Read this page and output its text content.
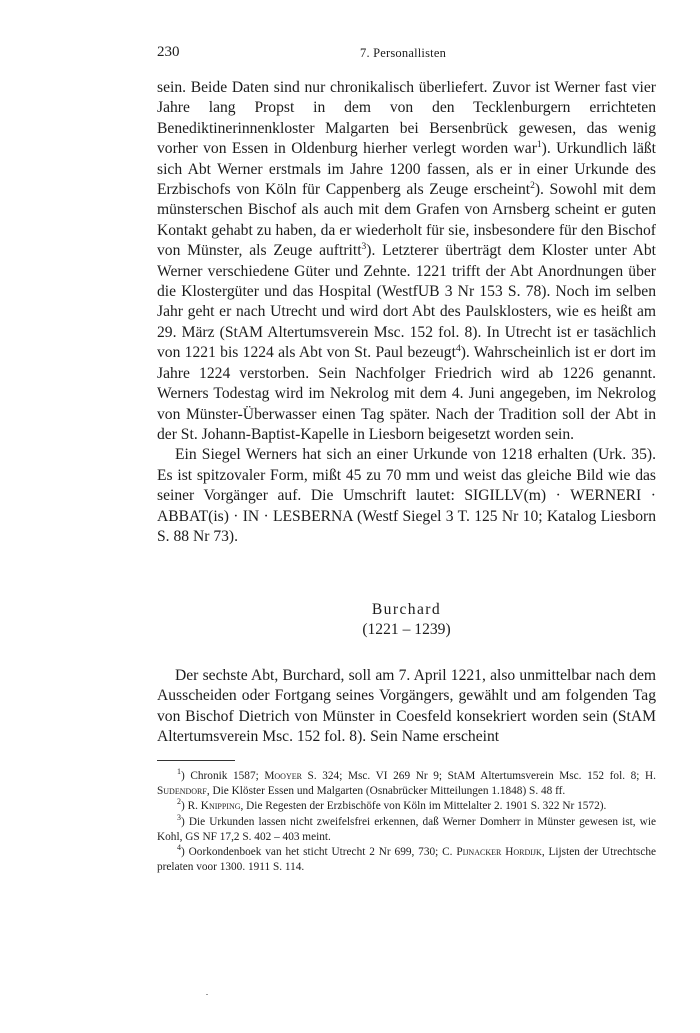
230	7. Personallisten

sein. Beide Daten sind nur chronikalisch überliefert. Zuvor ist Werner fast vier Jahre lang Propst in dem von den Tecklenburgern errichteten Benediktinerinnenkloster Malgarten bei Bersenbrück gewesen, das wenig vorher von Essen in Oldenburg hierher verlegt worden war$^1$). Urkundlich läßt sich Abt Werner erstmals im Jahre 1200 fassen, als er in einer Urkunde des Erzbischofs von Köln für Cappenberg als Zeuge erscheint$^2$). Sowohl mit dem münsterschen Bischof als auch mit dem Grafen von Arnsberg scheint er guten Kontakt gehabt zu haben, da er wiederholt für sie, insbesondere für den Bischof von Münster, als Zeuge auftritt$^3$). Letzterer überträgt dem Kloster unter Abt Werner verschiedene Güter und Zehnte. 1221 trifft der Abt Anordnungen über die Klostergüter und das Hospital (WestfUB 3 Nr 153 S. 78). Noch im selben Jahr geht er nach Utrecht und wird dort Abt des Paulsklosters, wie es heißt am 29. März (StAM Altertumsverein Msc. 152 fol. 8). In Utrecht ist er tasächlich von 1221 bis 1224 als Abt von St. Paul bezeugt$^4$). Wahrscheinlich ist er dort im Jahre 1224 verstorben. Sein Nachfolger Friedrich wird ab 1226 genannt. Werners Todestag wird im Nekrolog mit dem 4. Juni angegeben, im Nekrolog von Münster-Überwasser einen Tag später. Nach der Tradition soll der Abt in der St. Johann-Baptist-Kapelle in Liesborn beigesetzt worden sein.

Ein Siegel Werners hat sich an einer Urkunde von 1218 erhalten (Urk. 35). Es ist spitzovaler Form, mißt 45 zu 70 mm und weist das gleiche Bild wie das seiner Vorgänger auf. Die Umschrift lautet: SIGILLV(m) · WERNERI · ABBAT(is) · IN · LESBERNA (Westf Siegel 3 T. 125 Nr 10; Katalog Liesborn S. 88 Nr 73).

Burchard
(1221 – 1239)

Der sechste Abt, Burchard, soll am 7. April 1221, also unmittelbar nach dem Ausscheiden oder Fortgang seines Vorgängers, gewählt und am folgenden Tag von Bischof Dietrich von Münster in Coesfeld konsekriert worden sein (StAM Altertumsverein Msc. 152 fol. 8). Sein Name erscheint

$^1$) Chronik 1587; Mooyer S. 324; Msc. VI 269 Nr 9; StAM Altertumsverein Msc. 152 fol. 8; H. Sudendorf, Die Klöster Essen und Malgarten (Osnabrücker Mitteilungen 1.1848) S. 48 ff.

$^2$) R. Knipping, Die Regesten der Erzbischöfe von Köln im Mittelalter 2. 1901 S. 322 Nr 1572).

$^3$) Die Urkunden lassen nicht zweifelsfrei erkennen, daß Werner Domherr in Münster gewesen ist, wie Kohl, GS NF 17,2 S. 402 – 403 meint.

$^4$) Oorkondenboek van het sticht Utrecht 2 Nr 699, 730; C. Pijnacker Hordijk, Lijsten der Utrechtsche prelaten voor 1300. 1911 S. 114.
